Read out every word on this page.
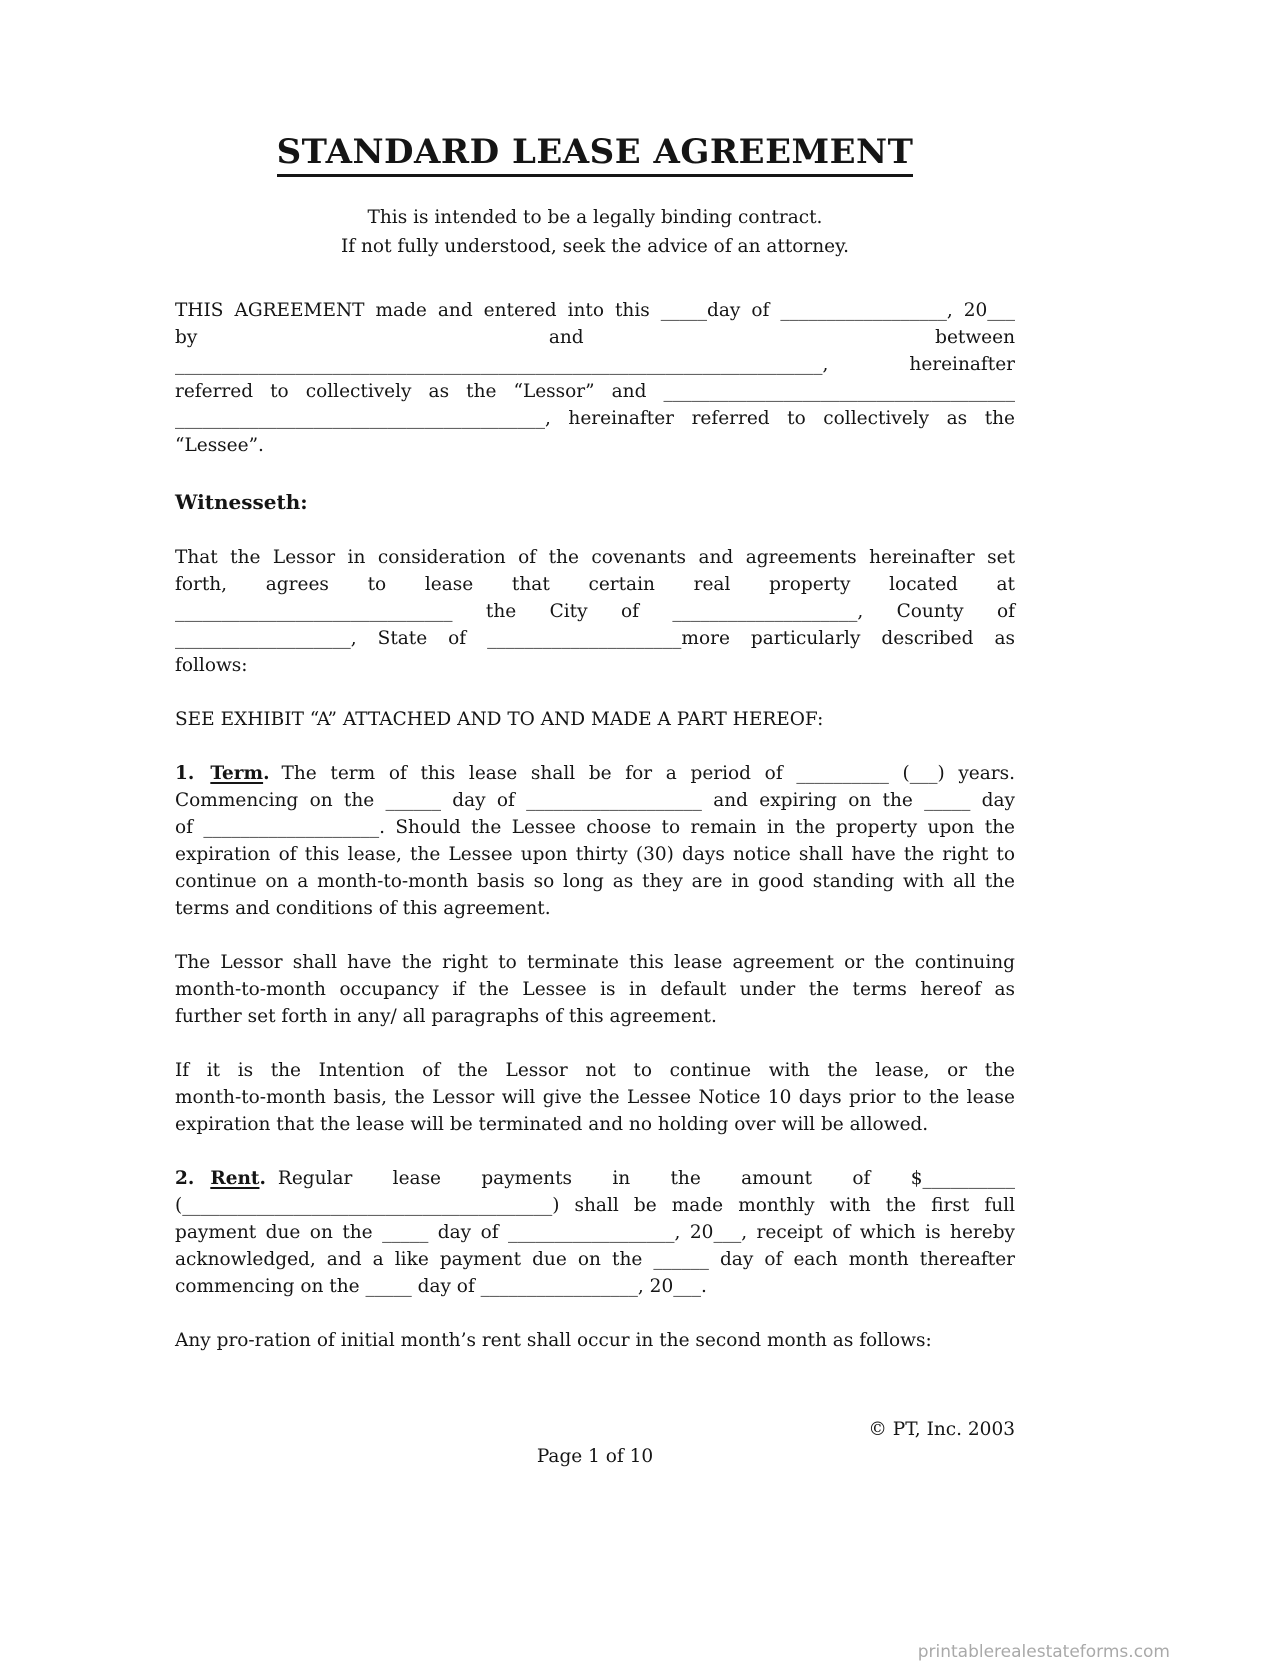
STANDARD LEASE AGREEMENT
This is intended to be a legally binding contract.
If not fully understood, seek the advice of an attorney.
THIS AGREEMENT made and entered into this _____day of __________________, 20___
by and between
______________________________________________________________________, hereinafter
referred to collectively as the “Lessor” and ______________________________________
________________________________________, hereinafter referred to collectively as the
“Lessee”.
Witnesseth:
That the Lessor in consideration of the covenants and agreements hereinafter set
forth, agrees to lease that certain real property located at
______________________________ the City of ____________________, County of
___________________, State of _____________________more particularly described as
follows:
SEE EXHIBIT “A” ATTACHED AND TO AND MADE A PART HEREOF:
1. Term. The term of this lease shall be for a period of __________ (___) years.
Commencing on the ______ day of ___________________ and expiring on the _____ day
of ___________________. Should the Lessee choose to remain in the property upon the
expiration of this lease, the Lessee upon thirty (30) days notice shall have the right to
continue on a month-to-month basis so long as they are in good standing with all the
terms and conditions of this agreement.
The Lessor shall have the right to terminate this lease agreement or the continuing
month-to-month occupancy if the Lessee is in default under the terms hereof as
further set forth in any/ all paragraphs of this agreement.
If it is the Intention of the Lessor not to continue with the lease, or the
month-to-month basis, the Lessor will give the Lessee Notice 10 days prior to the lease
expiration that the lease will be terminated and no holding over will be allowed.
2. Rent. Regular lease payments in the amount of $__________
(________________________________________) shall be made monthly with the first full
payment due on the _____ day of __________________, 20___, receipt of which is hereby
acknowledged, and a like payment due on the ______ day of each month thereafter
commencing on the _____ day of _________________, 20___.
Any pro-ration of initial month’s rent shall occur in the second month as follows:
© PT, Inc. 2003
Page 1 of 10
printablerealestateforms.com
